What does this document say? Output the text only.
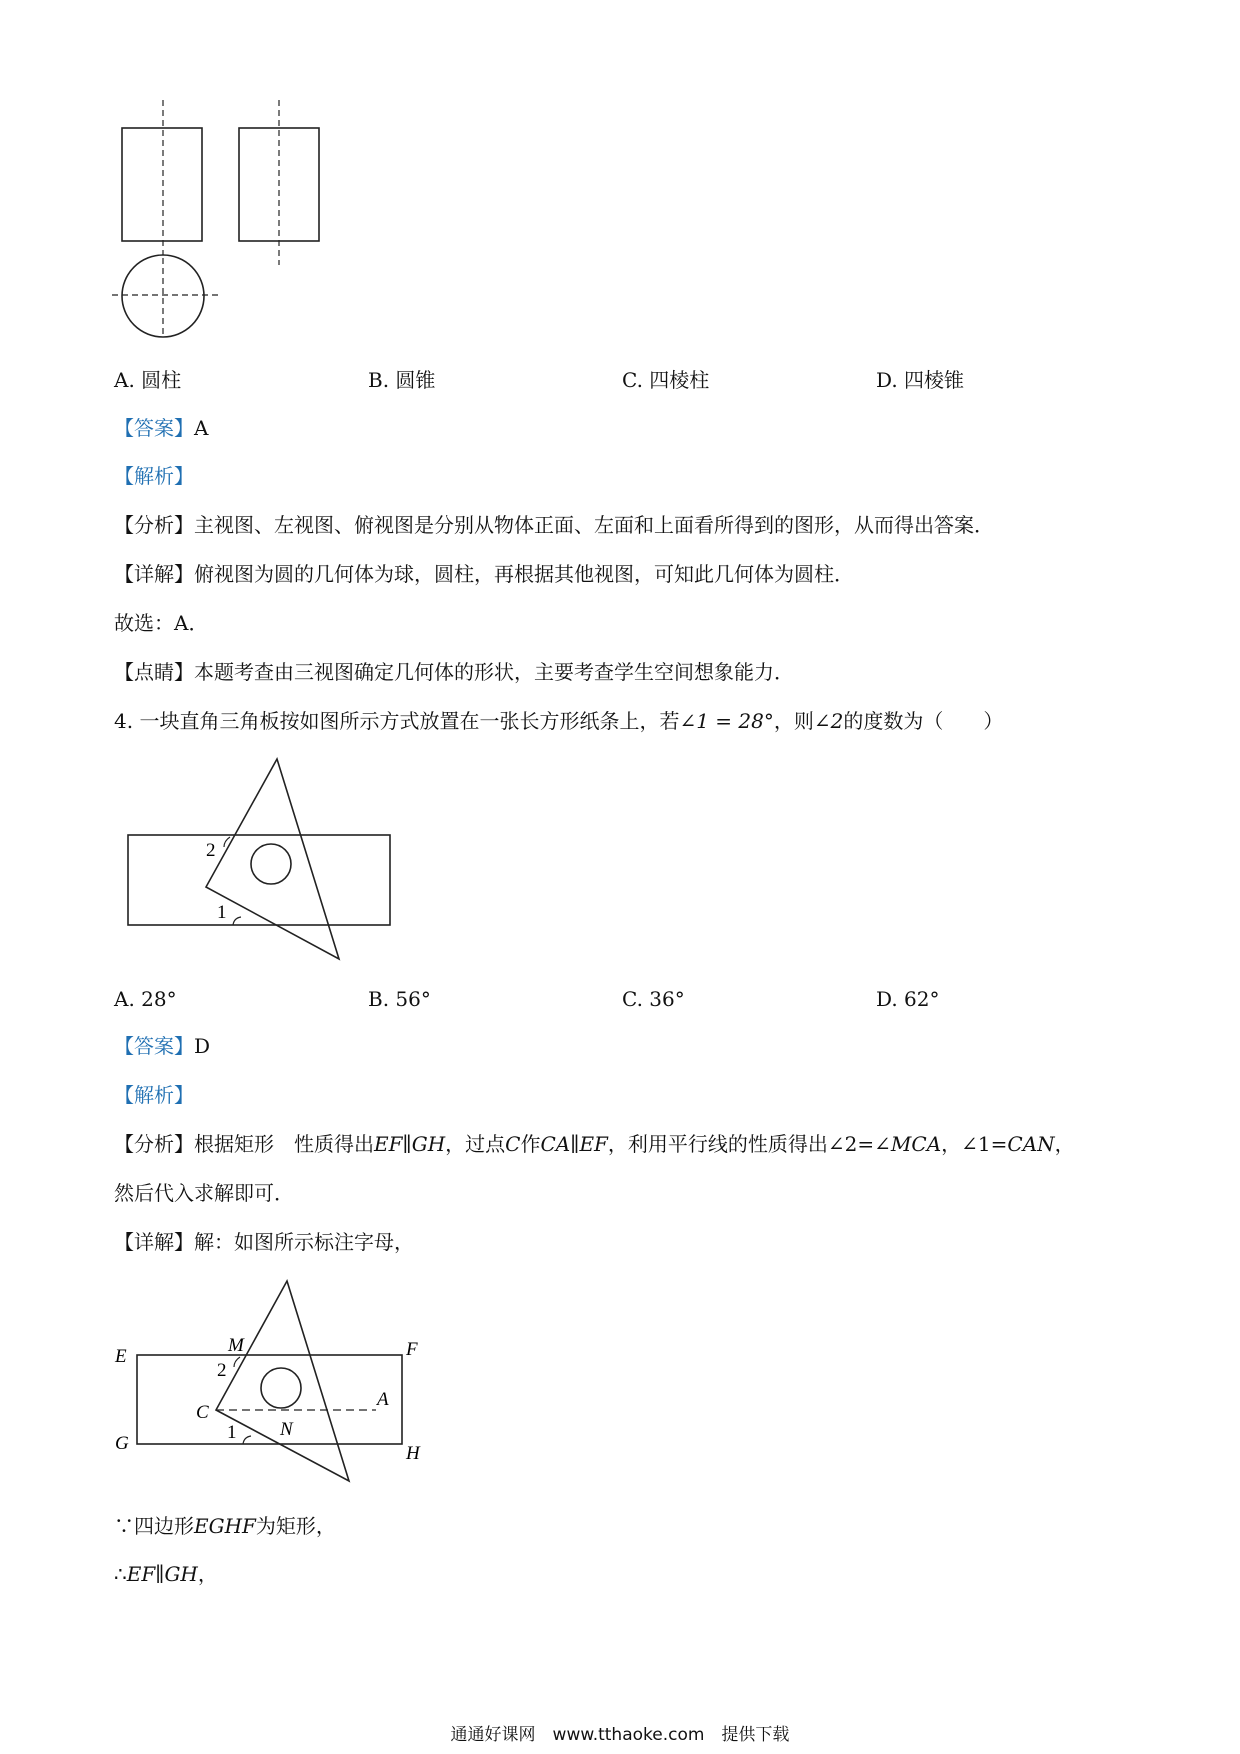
A. 圆柱	B. 圆锥	C. 四棱柱	D. 四棱锥
【答案】A
【解析】
【分析】主视图、左视图、俯视图是分别从物体正面、左面和上面看所得到的图形，从而得出答案．
【详解】俯视图为圆的几何体为球，圆柱，再根据其他视图，可知此几何体为圆柱．
故选：A．
【点睛】本题考查由三视图确定几何体的形状，主要考查学生空间想象能力．
4. 一块直角三角板按如图所示方式放置在一张长方形纸条上，若∠1 = 28°，则∠2的度数为（　　）
2
1
A. 28°	B. 56°	C. 36°	D. 62°
【答案】D
【解析】
【分析】根据矩形　性质得出EF∥GH，过点C作CA∥EF，利用平行线的性质得出∠2=∠MCA，∠1=CAN，
然后代入求解即可．
【详解】解：如图所示标注字母，
E	F
G	H
M
C
A
N
2
1
∵四边形EGHF为矩形，
∴EF∥GH，
通通好课网　www.tthaoke.com　提供下载
